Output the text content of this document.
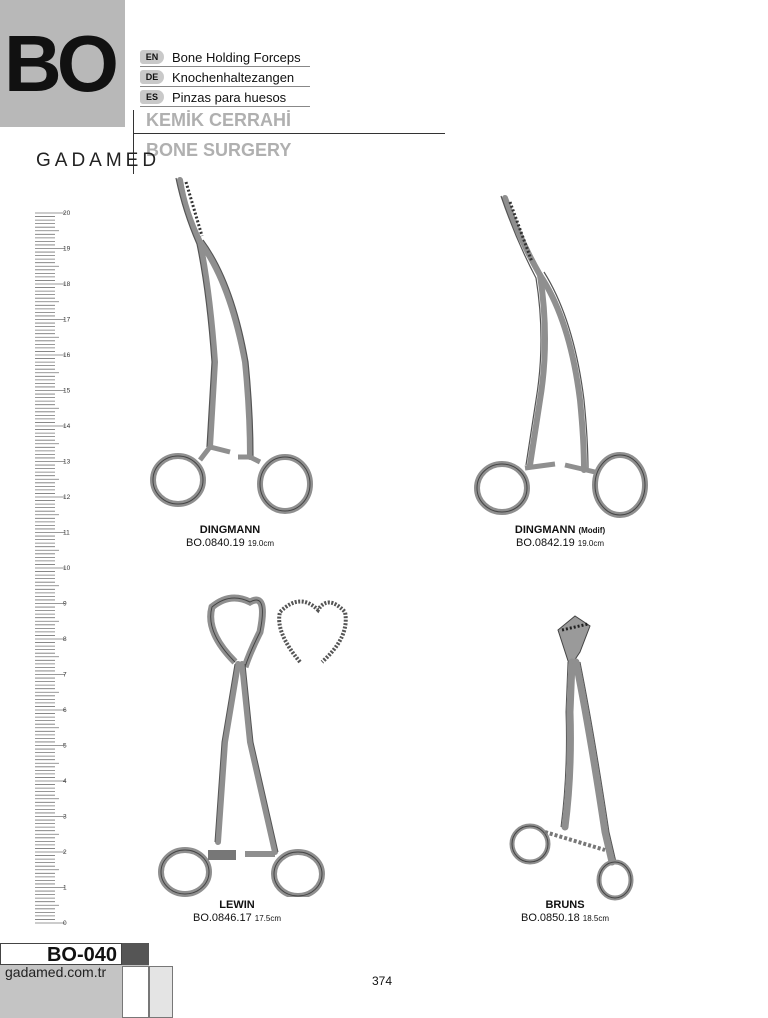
BO	EN	Bone Holding Forceps
DE	Knochenhaltezangen
ES	Pinzas para huesos
KEMİK CERRAHİ
BONE SURGERY
GADAMED
20
19
18
17
16
15
14
13
12
11
10
9
8
7
6
5
4
3
2
1
0
DINGMANN
BO.0840.19 19.0cm
DINGMANN (Modif)
BO.0842.19 19.0cm
LEWIN
BO.0846.17 17.5cm
BRUNS
BO.0850.18 18.5cm
BO-040
gadamed.com.tr
374
